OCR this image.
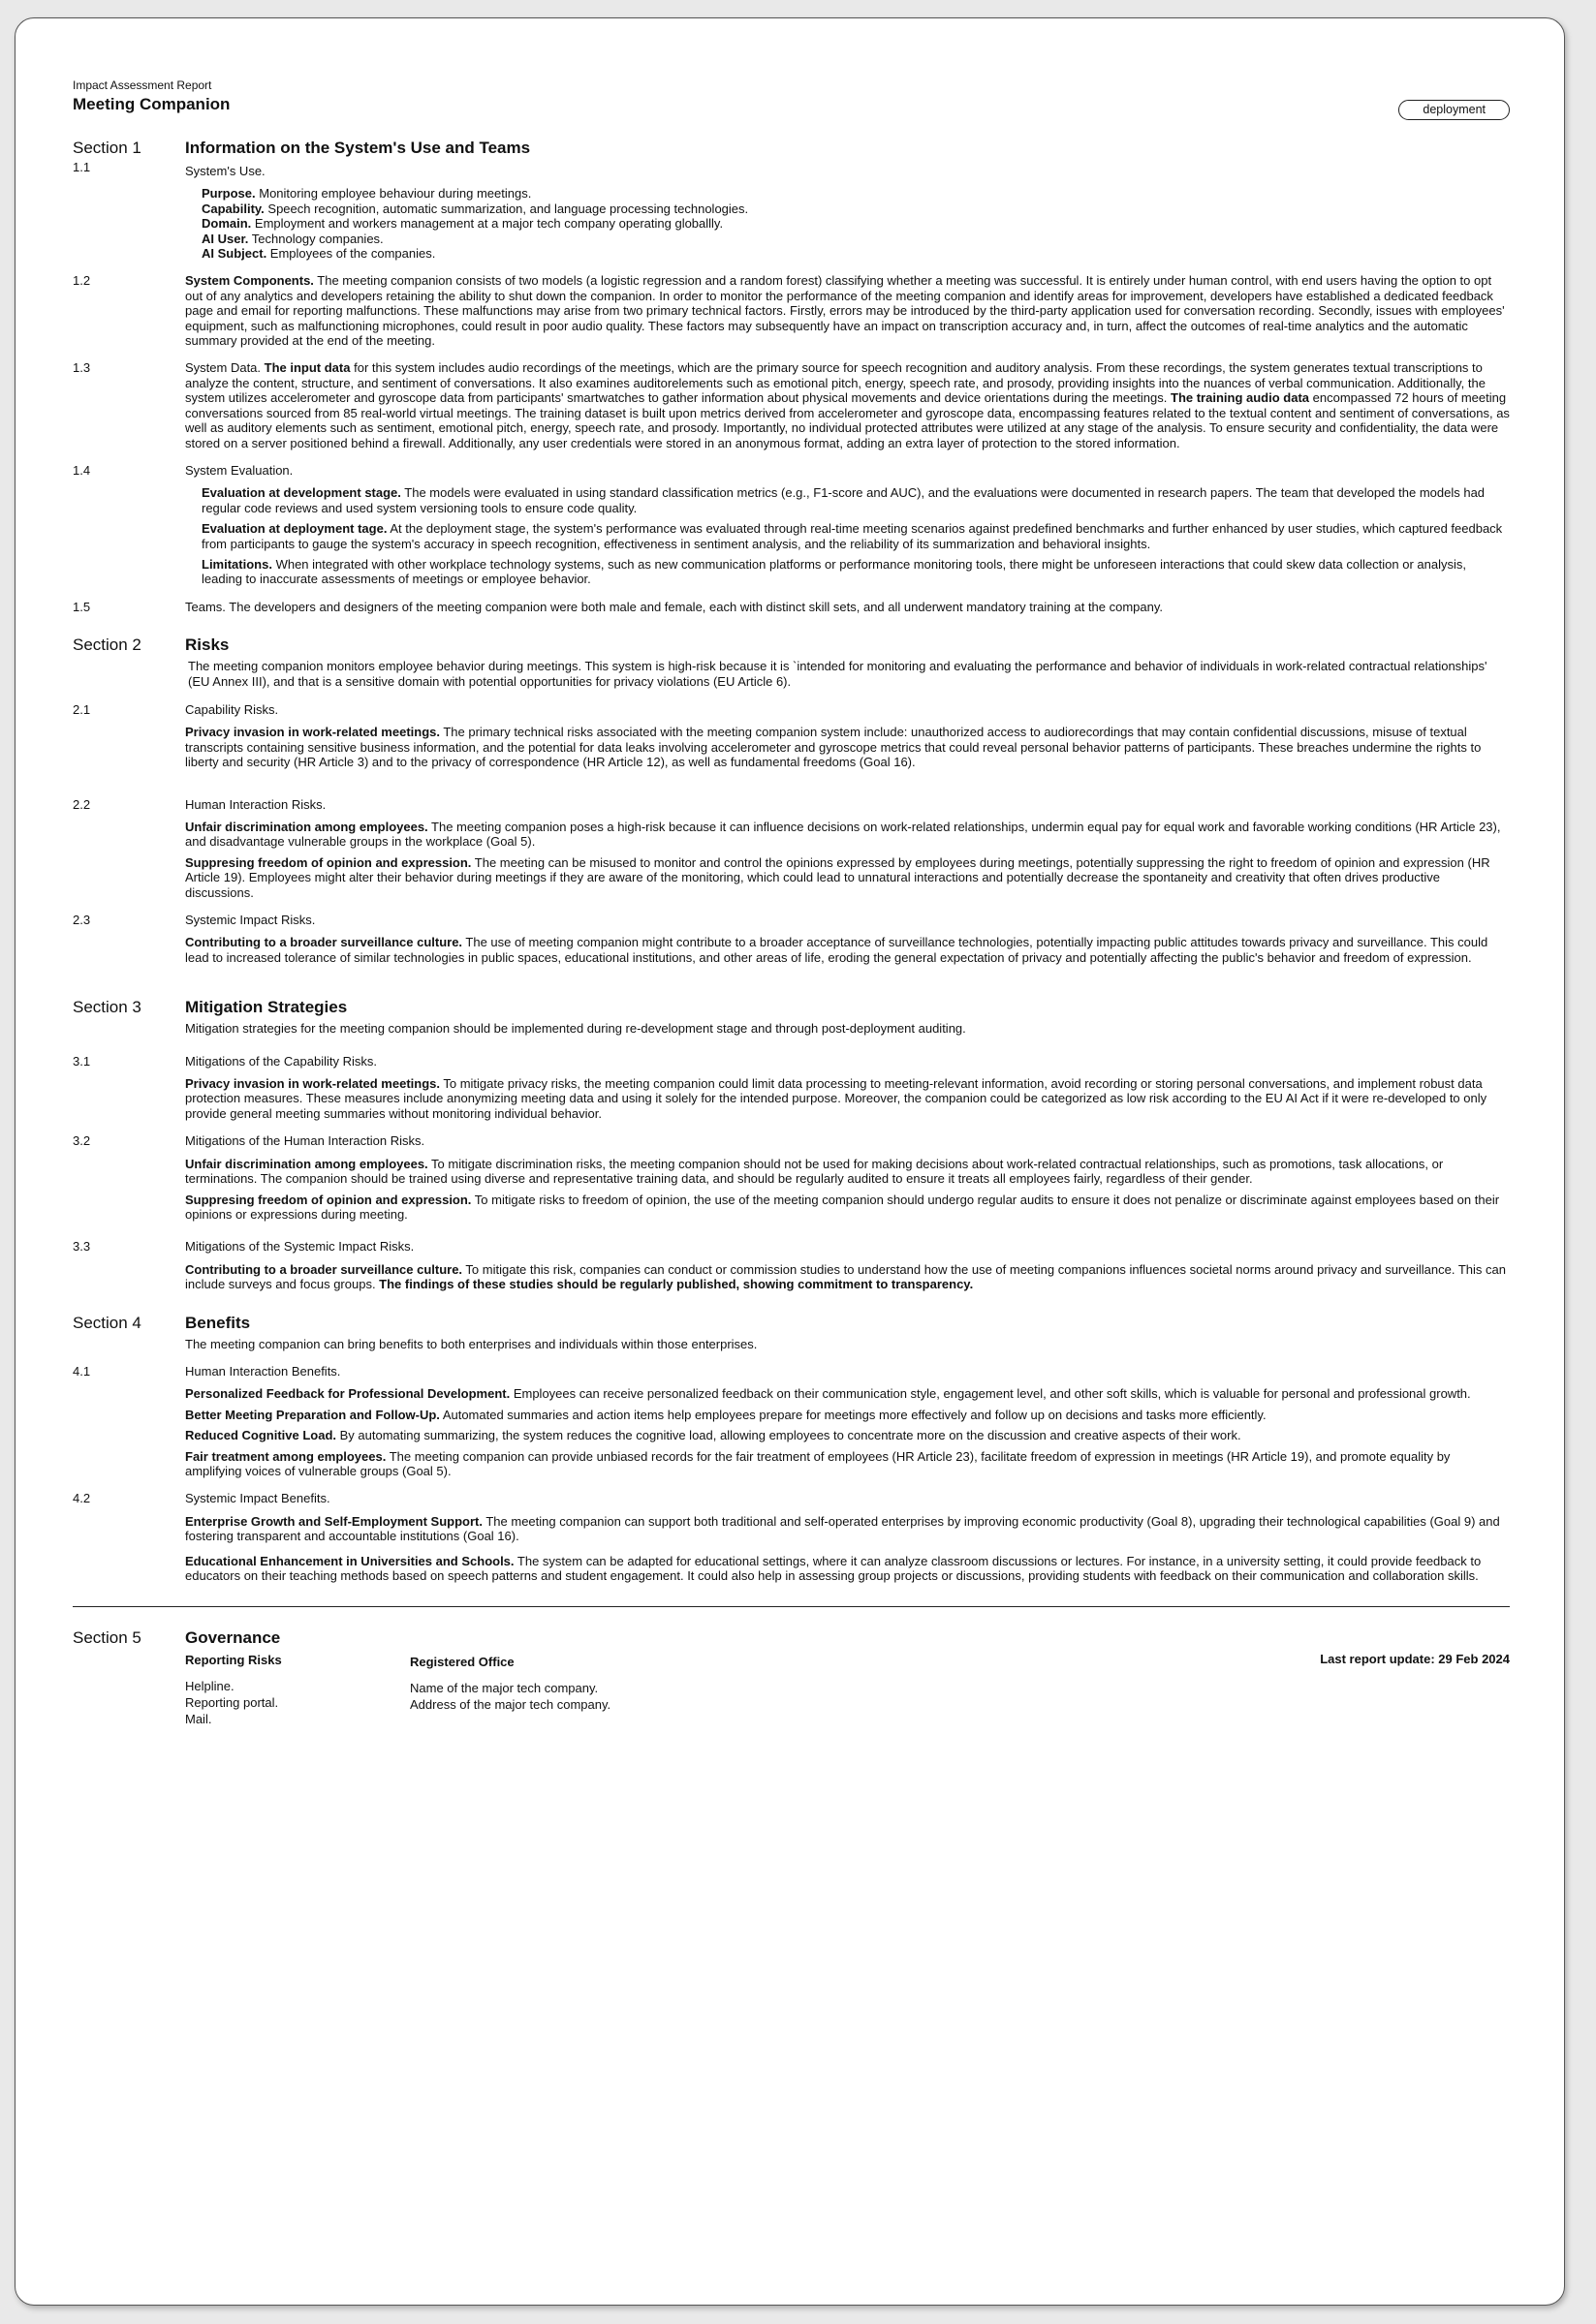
Impact Assessment Report
Meeting Companion	deployment
Section 1	Information on the System's Use and Teams
1.1	System's Use.

Purpose. Monitoring employee behaviour during meetings.
Capability. Speech recognition, automatic summarization, and language processing technologies.
Domain. Employment and workers management at a major tech company operating globallly.
AI User. Technology companies.
AI Subject. Employees of the companies.
1.2	System Components. The meeting companion consists of two models (a logistic regression and a random forest) classifying whether a meeting was successful. It is entirely under human control, with end users having the option to opt out of any analytics and developers retaining the ability to shut down the companion. In order to monitor the performance of the meeting companion and identify areas for improvement, developers have established a dedicated feedback page and email for reporting malfunctions. These malfunctions may arise from two primary technical factors. Firstly, errors may be introduced by the third-party application used for conversation recording. Secondly, issues with employees' equipment, such as malfunctioning microphones, could result in poor audio quality. These factors may subsequently have an impact on transcription accuracy and, in turn, affect the outcomes of real-time analytics and the automatic summary provided at the end of the meeting.

1.3	System Data. The input data for this system includes audio recordings of the meetings, which are the primary source for speech recognition and auditory analysis. From these recordings, the system generates textual transcriptions to analyze the content, structure, and sentiment of conversations. It also examines auditorelements such as emotional pitch, energy, speech rate, and prosody, providing insights into the nuances of verbal communication. Additionally, the system utilizes accelerometer and gyroscope data from participants' smartwatches to gather information about physical movements and device orientations during the meetings. The training audio data encompassed 72 hours of meeting conversations sourced from 85 real-world virtual meetings. The training dataset is built upon metrics derived from accelerometer and gyroscope data, encompassing features related to the textual content and sentiment of conversations, as well as auditory elements such as sentiment, emotional pitch, energy, speech rate, and prosody. Importantly, no individual protected attributes were utilized at any stage of the analysis. To ensure security and confidentiality, the data were stored on a server positioned behind a firewall. Additionally, any user credentials were stored in an anonymous format, adding an extra layer of protection to the stored information.

1.4	System Evaluation.

Evaluation at development stage. The models were evaluated in using standard classification metrics (e.g., F1-score and AUC), and the evaluations were documented in research papers. The team that developed the models had regular code reviews and used system versioning tools to ensure code quality.

Evaluation at deployment tage. At the deployment stage, the system's performance was evaluated through real-time meeting scenarios against predefined benchmarks and further enhanced by user studies, which captured feedback from participants to gauge the system's accuracy in speech recognition, effectiveness in sentiment analysis, and the reliability of its summarization and behavioral insights.

Limitations. When integrated with other workplace technology systems, such as new communication platforms or performance monitoring tools, there might be unforeseen interactions that could skew data collection or analysis, leading to inaccurate assessments of meetings or employee behavior.

1.5	Teams. The developers and designers of the meeting companion were both male and female, each with distinct skill sets, and all underwent mandatory training at the company.

Section 2	Risks
The meeting companion monitors employee behavior during meetings. This system is high-risk because it is `intended for monitoring and evaluating the performance and behavior of individuals in work-related contractual relationships' (EU Annex III), and that is a sensitive domain with potential opportunities for privacy violations (EU Article 6).
2.1	Capability Risks.

Privacy invasion in work-related meetings. The primary technical risks associated with the meeting companion system include: unauthorized access to audiorecordings that may contain confidential discussions, misuse of textual transcripts containing sensitive business information, and the potential for data leaks involving accelerometer and gyroscope metrics that could reveal personal behavior patterns of participants. These breaches undermine the rights to liberty and security (HR Article 3) and to the privacy of correspondence (HR Article 12), as well as fundamental freedoms (Goal 16).

2.2	Human Interaction Risks.

Unfair discrimination among employees. The meeting companion poses a high-risk because it can influence decisions on work-related relationships, undermin equal pay for equal work and favorable working conditions (HR Article 23), and disadvantage vulnerable groups in the workplace (Goal 5).

Suppresing freedom of opinion and expression. The meeting can be misused to monitor and control the opinions expressed by employees during meetings, potentially suppressing the right to freedom of opinion and expression (HR Article 19). Employees might alter their behavior during meetings if they are aware of the monitoring, which could lead to unnatural interactions and potentially decrease the spontaneity and creativity that often drives productive discussions.

2.3	Systemic Impact Risks.

Contributing to a broader surveillance culture. The use of meeting companion might contribute to a broader acceptance of surveillance technologies, potentially impacting public attitudes towards privacy and surveillance. This could lead to increased tolerance of similar technologies in public spaces, educational institutions, and other areas of life, eroding the general expectation of privacy and potentially affecting the public's behavior and freedom of expression.

Section 3	Mitigation Strategies
Mitigation strategies for the meeting companion should be implemented during re-development stage and through post-deployment auditing.
3.1	Mitigations of the Capability Risks.

Privacy invasion in work-related meetings. To mitigate privacy risks, the meeting companion could limit data processing to meeting-relevant information, avoid recording or storing personal conversations, and implement robust data protection measures. These measures include anonymizing meeting data and using it solely for the intended purpose. Moreover, the companion could be categorized as low risk according to the EU AI Act if it were re-developed to only provide general meeting summaries without monitoring individual behavior.

3.2	Mitigations of the Human Interaction Risks.

Unfair discrimination among employees. To mitigate discrimination risks, the meeting companion should not be used for making decisions about work-related contractual relationships, such as promotions, task allocations, or terminations. The companion should be trained using diverse and representative training data, and should be regularly audited to ensure it treats all employees fairly, regardless of their gender.

Suppresing freedom of opinion and expression. To mitigate risks to freedom of opinion, the use of the meeting companion should undergo regular audits to ensure it does not penalize or discriminate against employees based on their opinions or expressions during meeting.

3.3	Mitigations of the Systemic Impact Risks.

Contributing to a broader surveillance culture. To mitigate this risk, companies can conduct or commission studies to understand how the use of meeting companions influences societal norms around privacy and surveillance. This can include surveys and focus groups. The findings of these studies should be regularly published, showing commitment to transparency.

Section 4	Benefits
The meeting companion can bring benefits to both enterprises and individuals within those enterprises.
4.1	Human Interaction Benefits.

Personalized Feedback for Professional Development. Employees can receive personalized feedback on their communication style, engagement level, and other soft skills, which is valuable for personal and professional growth.

Better Meeting Preparation and Follow-Up. Automated summaries and action items help employees prepare for meetings more effectively and follow up on decisions and tasks more efficiently.

Reduced Cognitive Load. By automating summarizing, the system reduces the cognitive load, allowing employees to concentrate more on the discussion and creative aspects of their work.

Fair treatment among employees. The meeting companion can provide unbiased records for the fair treatment of employees (HR Article 23), facilitate freedom of expression in meetings (HR Article 19), and promote equality by amplifying voices of vulnerable groups (Goal 5).

4.2	Systemic Impact Benefits.

Enterprise Growth and Self-Employment Support. The meeting companion can support both traditional and self-operated enterprises by improving economic productivity (Goal 8), upgrading their technological capabilities (Goal 9) and fostering transparent and accountable institutions (Goal 16).

Educational Enhancement in Universities and Schools. The system can be adapted for educational settings, where it can analyze classroom discussions or lectures. For instance, in a university setting, it could provide feedback to educators on their teaching methods based on speech patterns and student engagement. It could also help in assessing group projects or discussions, providing students with feedback on their communication and collaboration skills.

Section 5	Governance
Reporting Risks
Helpline.
Reporting portal.
Mail.
Registered Office
Name of the major tech company.
Address of the major tech company.
Last report update: 29 Feb 2024
